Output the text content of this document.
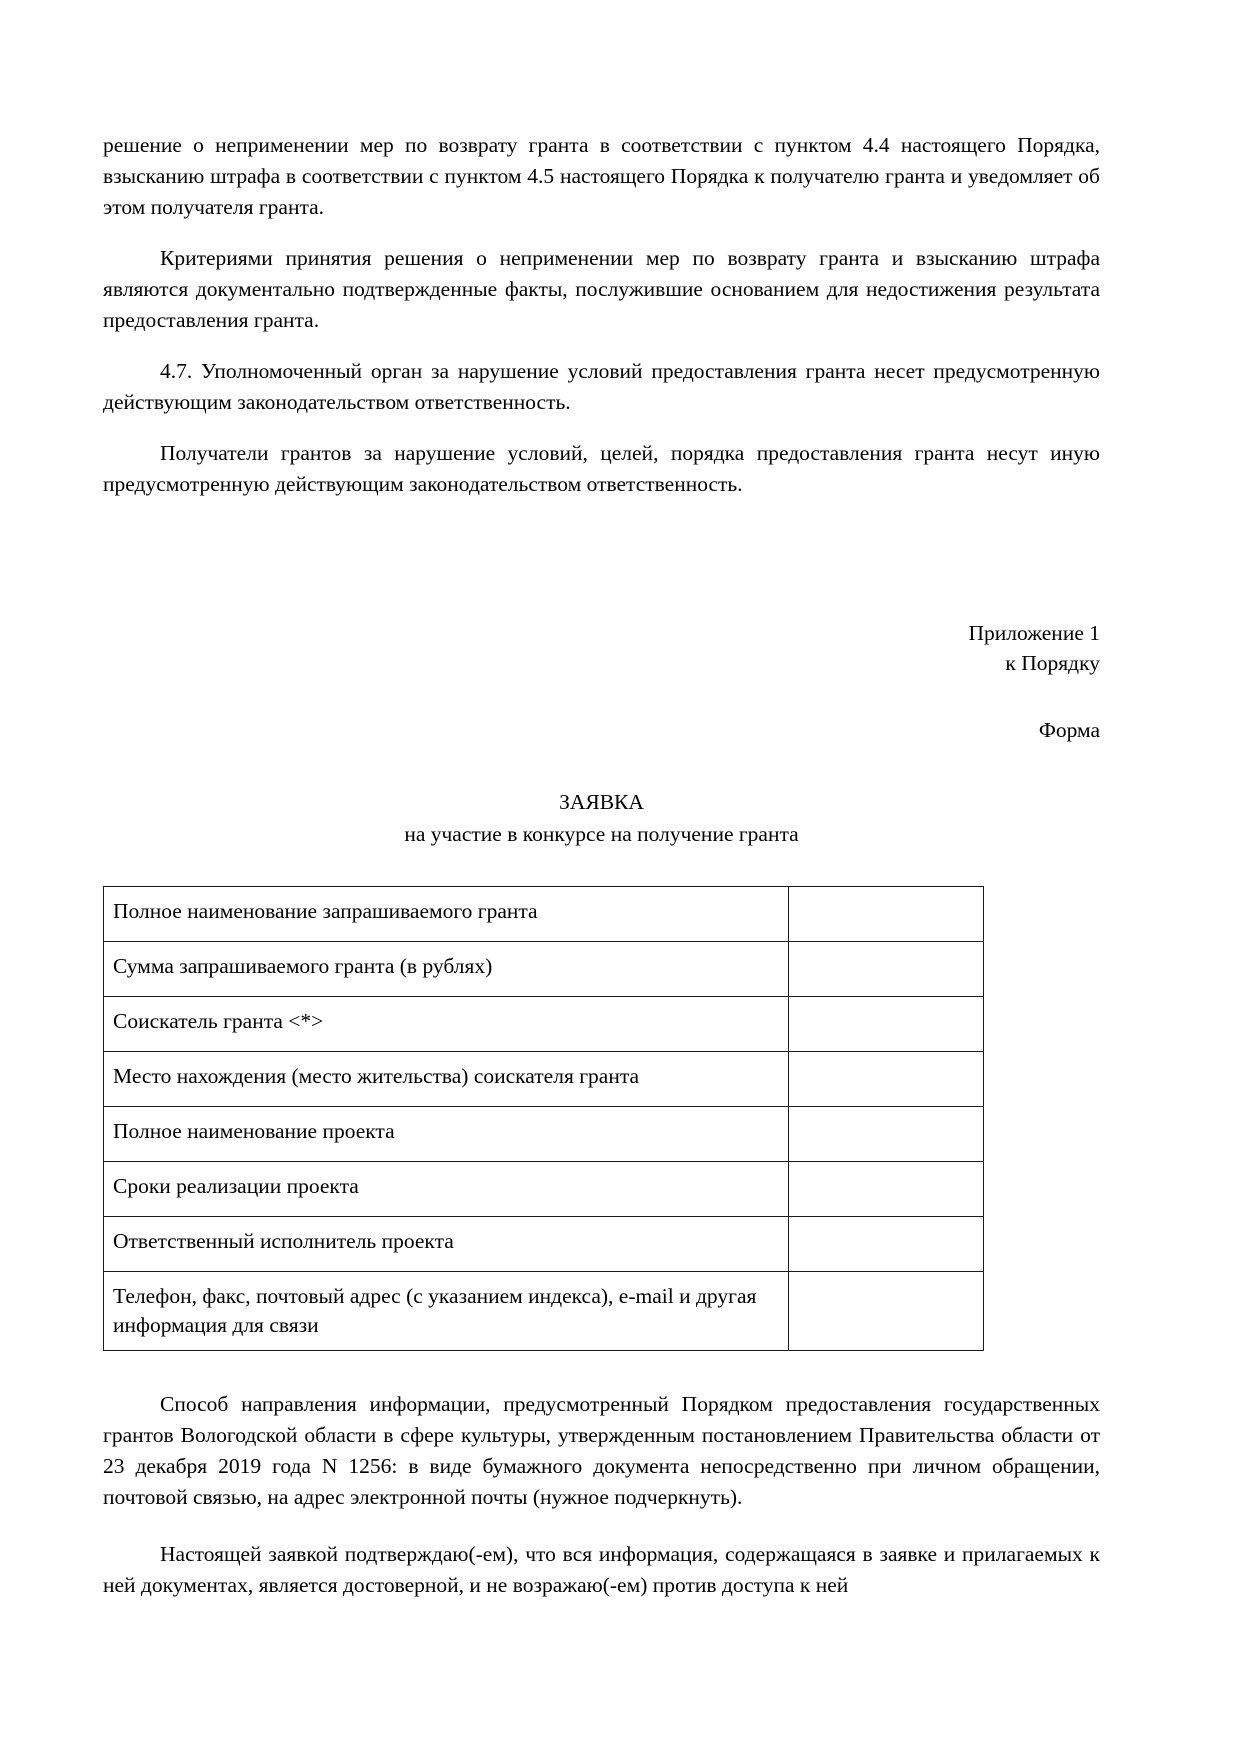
решение о неприменении мер по возврату гранта в соответствии с пунктом 4.4 настоящего Порядка, взысканию штрафа в соответствии с пунктом 4.5 настоящего Порядка к получателю гранта и уведомляет об этом получателя гранта.

Критериями принятия решения о неприменении мер по возврату гранта и взысканию штрафа являются документально подтвержденные факты, послужившие основанием для недостижения результата предоставления гранта.

4.7. Уполномоченный орган за нарушение условий предоставления гранта несет предусмотренную действующим законодательством ответственность.

Получатели грантов за нарушение условий, целей, порядка предоставления гранта несут иную предусмотренную действующим законодательством ответственность.

Приложение 1
к Порядку
Форма
ЗАЯВКА
на участие в конкурсе на получение гранта
Полное наименование запрашиваемого гранта	
Сумма запрашиваемого гранта (в рублях)	
Соискатель гранта <*>	
Место нахождения (место жительства) соискателя гранта	
Полное наименование проекта	
Сроки реализации проекта	
Ответственный исполнитель проекта	
Телефон, факс, почтовый адрес (с указанием индекса), e-mail и другая информация для связи	

Способ направления информации, предусмотренный Порядком предоставления государственных грантов Вологодской области в сфере культуры, утвержденным постановлением Правительства области от 23 декабря 2019 года N 1256: в виде бумажного документа непосредственно при личном обращении, почтовой связью, на адрес электронной почты (нужное подчеркнуть).

Настоящей заявкой подтверждаю(-ем), что вся информация, содержащаяся в заявке и прилагаемых к ней документах, является достоверной, и не возражаю(-ем) против доступа к ней
